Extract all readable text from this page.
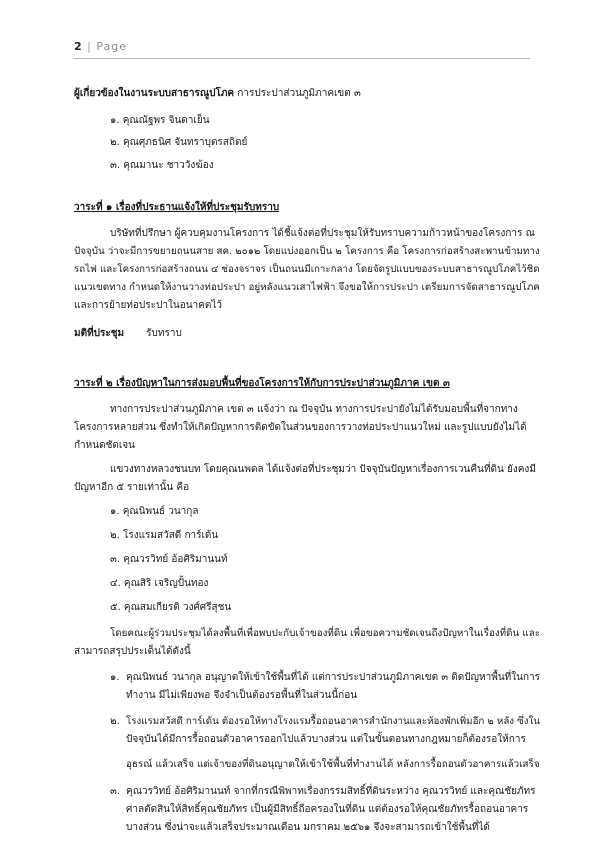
2 | Page
ผู้เกี่ยวข้องในงานระบบสาธารณูปโภค การประปาส่วนภูมิภาคเขต ๓
๑. คุณณัฐพร จินดาเย็น
๒. คุณศุภธนิศ จันทราบุตรสถิตย์
๓. คุณมานะ ชาววังฆ้อง
วาระที่ ๑ เรื่องที่ประธานแจ้งให้ที่ประชุมรับทราบ
บริษัทที่ปรึกษา ผู้ควบคุมงานโครงการ ได้ชี้แจ้งต่อที่ประชุมให้รับทราบความก้าวหน้าของโครงการ ณ
ปัจจุบัน ว่าจะมีการขยายถนนสาย สค. ๒๐๑๒ โดยแบ่งออกเป็น ๒ โครงการ คือ โครงการก่อสร้างสะพานข้ามทาง
รถไฟ และโครงการก่อสร้างถนน ๔ ช่องจราจร เป็นถนนมีเกาะกลาง โดยจัดรูปแบบของระบบสาธารณูปโภคไว้ชิด
แนวเขตทาง กำหนดให้งานวางท่อประปา อยู่หลังแนวเสาไฟฟ้า จึงขอให้การประปา เตรียมการจัดสาธารณูปโภค
และการย้ายท่อประปาในอนาคตไว้
มติที่ประชุม รับทราบ
วาระที่ ๒ เรื่องปัญหาในการส่งมอบพื้นที่ของโครงการให้กับการประปาส่วนภูมิภาค เขต ๓
ทางการประปาส่วนภูมิภาค เขต ๓ แจ้งว่า ณ ปัจจุบัน ทางการประปายังไม่ได้รับมอบพื้นที่จากทาง
โครงการหลายส่วน ซึ่งทำให้เกิดปัญหาการติดขัดในส่วนของการวางท่อประปาแนวใหม่ และรูปแบบยังไม่ได้
กำหนดชัดเจน
แขวงทางหลวงชนบท โดยคุณนพดล ได้แจ้งต่อที่ประชุมว่า ปัจจุบันปัญหาเรื่องการเวนคืนที่ดิน ยังคงมี
ปัญหาอีก ๕ รายเท่านั้น คือ
๑. คุณนิพนธ์ วนากุล
๒. โรงแรมสวัสดี การ์เด้น
๓. คุณวรวิทย์ อ้อศิริมานนท์
๔. คุณสิริ เจริญปั้นทอง
๕. คุณสมเกียรติ วงศ์ศรีสุชน
โดยคณะผู้ร่วมประชุมได้ลงพื้นที่เพื่อพบปะกับเจ้าของที่ดิน เพื่อขอความชัดเจนถึงปัญหาในเรื่องที่ดิน และ
สามารถสรุปประเด็นได้ดังนี้
๑. คุณนิพนธ์ วนากุล อนุญาตให้เข้าใช้พื้นที่ได้ แต่การประปาส่วนภูมิภาคเขต ๓ ติดปัญหาพื้นที่ในการ
ทำงาน มีไม่เพียงพอ จึงจำเป็นต้องรอพื้นที่ในส่วนนี้ก่อน
๒. โรงแรมสวัสดี การ์เด้น ต้องรอให้ทางโรงแรมรื้อถอนอาคารสำนักงานและห้องพักเพิ่มอีก ๒ หลัง ซึ่งใน
ปัจจุบันได้มีการรื้อถอนตัวอาคารออกไปแล้วบางส่วน แต่ในขั้นตอนทางกฎหมายก็ต้องรอให้การ
อุธรณ์ แล้วเสร็จ แต่เจ้าของที่ดินอนุญาตให้เข้าใช้พื้นที่ทำงานได้ หลังการรื้อถอนตัวอาคารแล้วเสร็จ
๓. คุณวรวิทย์ อ้อศิริมานนท์ จากที่กรณีพิพาทเรื่องกรรมสิทธิ์ที่ดินระหว่าง คุณวรวิทย์ และคุณชัยภัทร
ศาลตัดสินให้สิทธิ์คุณชัยภัทร เป็นผู้มีสิทธิ์ถือครองในที่ดิน แต่ต้องรอให้คุณชัยภัทรรื้อถอนอาคาร
บางส่วน ซึ่งน่าจะแล้วเสร็จประมาณเดือน มกราคม ๒๕๖๑ จึงจะสามารถเข้าใช้พื้นที่ได้
